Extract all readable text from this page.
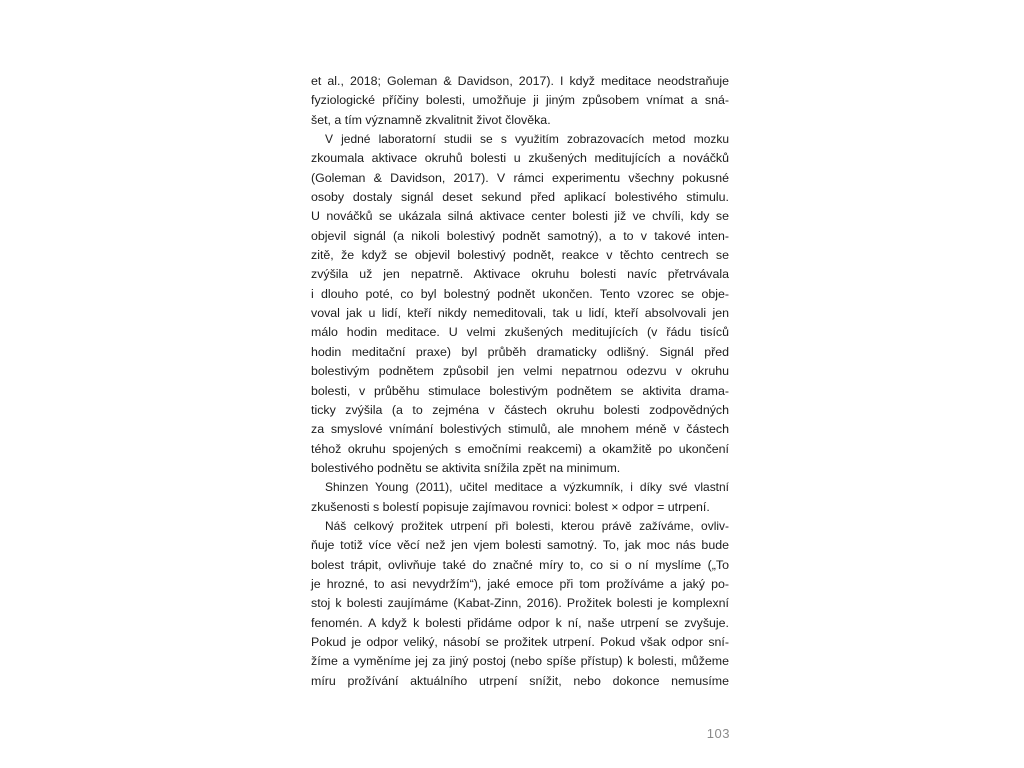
et al., 2018; Goleman & Davidson, 2017). I když meditace neodstraňuje
fyziologické příčiny bolesti, umožňuje ji jiným způsobem vnímat a sná-
šet, a tím významně zkvalitnit život člověka.
V jedné laboratorní studii se s využitím zobrazovacích metod mozku
zkoumala aktivace okruhů bolesti u zkušených meditujících a nováčků
(Goleman & Davidson, 2017). V rámci experimentu všechny pokusné
osoby dostaly signál deset sekund před aplikací bolestivého stimulu.
U nováčků se ukázala silná aktivace center bolesti již ve chvíli, kdy se
objevil signál (a nikoli bolestivý podnět samotný), a to v takové inten-
zitě, že když se objevil bolestivý podnět, reakce v těchto centrech se
zvýšila už jen nepatrně. Aktivace okruhu bolesti navíc přetrvávala
i dlouho poté, co byl bolestný podnět ukončen. Tento vzorec se obje-
voval jak u lidí, kteří nikdy nemeditovali, tak u lidí, kteří absolvovali jen
málo hodin meditace. U velmi zkušených meditujících (v řádu tisíců
hodin meditační praxe) byl průběh dramaticky odlišný. Signál před
bolestivým podnětem způsobil jen velmi nepatrnou odezvu v okruhu
bolesti, v průběhu stimulace bolestivým podnětem se aktivita drama-
ticky zvýšila (a to zejména v částech okruhu bolesti zodpovědných
za smyslové vnímání bolestivých stimulů, ale mnohem méně v částech
téhož okruhu spojených s emočními reakcemi) a okamžitě po ukončení
bolestivého podnětu se aktivita snížila zpět na minimum.
Shinzen Young (2011), učitel meditace a výzkumník, i díky své vlastní
zkušenosti s bolestí popisuje zajímavou rovnici: bolest × odpor = utrpení.
Náš celkový prožitek utrpení při bolesti, kterou právě zažíváme, ovliv-
ňuje totiž více věcí než jen vjem bolesti samotný. To, jak moc nás bude
bolest trápit, ovlivňuje také do značné míry to, co si o ní myslíme („To
je hrozné, to asi nevydržím“), jaké emoce při tom prožíváme a jaký po-
stoj k bolesti zaujímáme (Kabat-Zinn, 2016). Prožitek bolesti je komplexní
fenomén. A když k bolesti přidáme odpor k ní, naše utrpení se zvyšuje.
Pokud je odpor veliký, násobí se prožitek utrpení. Pokud však odpor sní-
žíme a vyměníme jej za jiný postoj (nebo spíše přístup) k bolesti, můžeme
míru prožívání aktuálního utrpení snížit, nebo dokonce nemusíme
103
